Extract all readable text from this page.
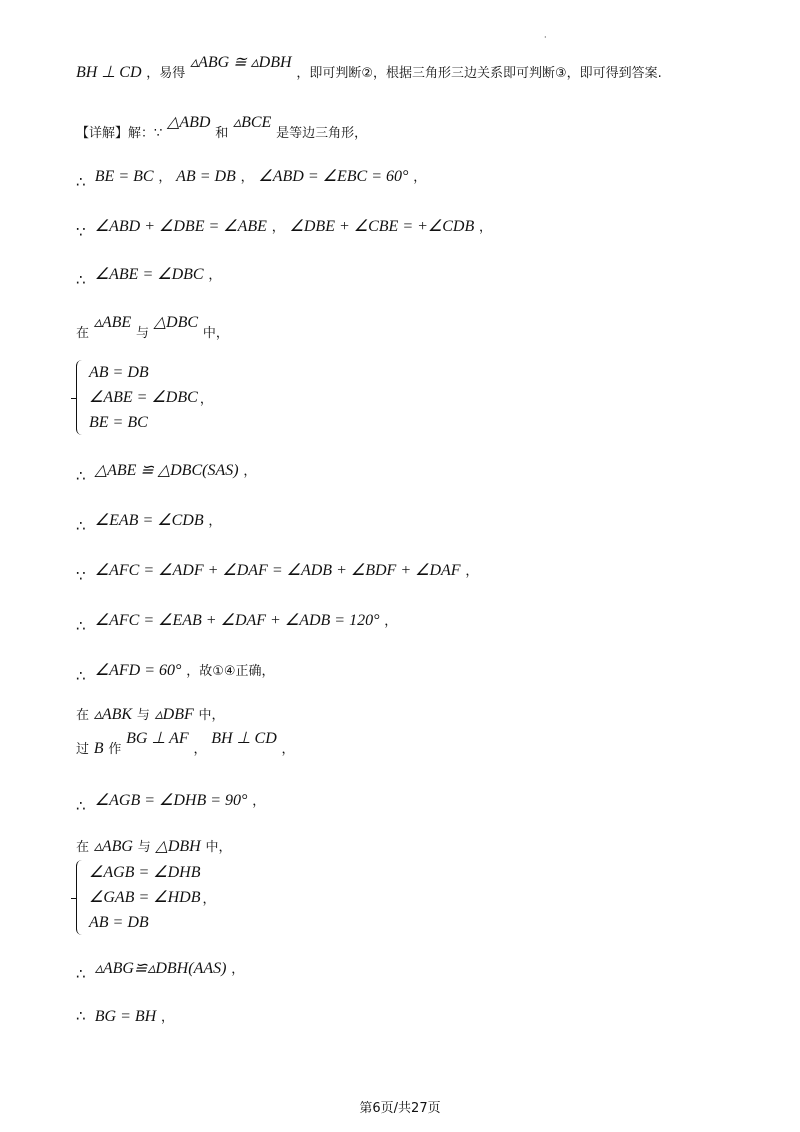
·
BH ⊥ CD ，易得 ▵ABG ≅ ▵DBH ，即可判断②，根据三角形三边关系即可判断③，即可得到答案.
【详解】解：∵ △ABD 和 ▵BCE 是等边三角形，
∴ BE = BC ， AB = DB ， ∠ABD = ∠EBC = 60° ，
∵ ∠ABD + ∠DBE = ∠ABE ， ∠DBE + ∠CBE = +∠CDB ，
∴ ∠ABE = ∠DBC ，
在 ▵ABE 与 △DBC 中，
AB = DB
∠ABE = ∠DBC
BE = BC
，
∴ △ABE ≌ △DBC(SAS) ，
∴ ∠EAB = ∠CDB ，
∵ ∠AFC = ∠ADF + ∠DAF = ∠ADB + ∠BDF + ∠DAF ，
∴ ∠AFC = ∠EAB + ∠DAF + ∠ADB = 120° ，
∴ ∠AFD = 60° ，故①④正确，
在 ▵ABK 与 ▵DBF 中，
过 B 作 BG ⊥ AF ， BH ⊥ CD ，
∴ ∠AGB = ∠DHB = 90° ，
在 ▵ABG 与 △DBH 中，
∠AGB = ∠DHB
∠GAB = ∠HDB
AB = DB
，
∴ ▵ABG≌▵DBH(AAS) ，
∴ BG = BH ，
第6页/共27页
